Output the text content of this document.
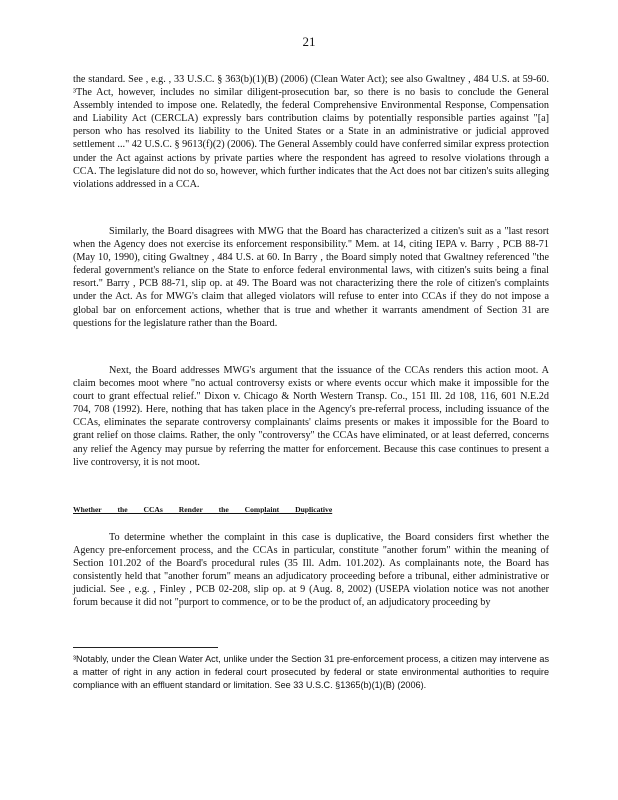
21

the standard. See , e.g. , 33 U.S.C. § 363(b)(1)(B) (2006) (Clean Water Act); see also Gwaltney , 484 U.S. at 59-60. ³The Act, however, includes no similar diligent-prosecution bar, so there is no basis to conclude the General Assembly intended to impose one. Relatedly, the federal Comprehensive Environmental Response, Compensation and Liability Act (CERCLA) expressly bars contribution claims by potentially responsible parties against "[a] person who has resolved its liability to the United States or a State in an administrative or judicial approved settlement ..." 42 U.S.C. § 9613(f)(2) (2006). The General Assembly could have conferred similar express protection under the Act against actions by private parties where the respondent has agreed to resolve violations through a CCA. The legislature did not do so, however, which further indicates that the Act does not bar citizen's suits alleging violations addressed in a CCA.

Similarly, the Board disagrees with MWG that the Board has characterized a citizen's suit as a "last resort when the Agency does not exercise its enforcement responsibility." Mem. at 14, citing IEPA v. Barry , PCB 88-71 (May 10, 1990), citing Gwaltney , 484 U.S. at 60. In Barry , the Board simply noted that Gwaltney referenced "the federal government's reliance on the State to enforce federal environmental laws, with citizen's suits being a final resort." Barry , PCB 88-71, slip op. at 49. The Board was not characterizing there the role of citizen's complaints under the Act. As for MWG's claim that alleged violators will refuse to enter into CCAs if they do not impose a global bar on enforcement actions, whether that is true and whether it warrants amendment of Section 31 are questions for the legislature rather than the Board.

Next, the Board addresses MWG's argument that the issuance of the CCAs renders this action moot. A claim becomes moot where "no actual controversy exists or where events occur which make it impossible for the court to grant effectual relief." Dixon v. Chicago & North Western Transp. Co., 151 Ill. 2d 108, 116, 601 N.E.2d 704, 708 (1992). Here, nothing that has taken place in the Agency's pre-referral process, including issuance of the CCAs, eliminates the separate controversy complainants' claims presents or makes it impossible for the Board to grant relief on those claims. Rather, the only "controversy" the CCAs have eliminated, or at least deferred, concerns any relief the Agency may pursue by referring the matter for enforcement. Because this case continues to present a live controversy, it is not moot.

Whether the CCAs Render the Complaint Duplicative

To determine whether the complaint in this case is duplicative, the Board considers first whether the Agency pre-enforcement process, and the CCAs in particular, constitute "another forum" within the meaning of Section 101.202 of the Board's procedural rules (35 Ill. Adm. 101.202). As complainants note, the Board has consistently held that "another forum" means an adjudicatory proceeding before a tribunal, either administrative or judicial. See , e.g. , Finley , PCB 02-208, slip op. at 9 (Aug. 8, 2002) (USEPA violation notice was not another forum because it did not "purport to commence, or to be the product of, an adjudicatory proceeding by

³Notably, under the Clean Water Act, unlike under the Section 31 pre-enforcement process, a citizen may intervene as a matter of right in any action in federal court prosecuted by federal or state environmental authorities to require compliance with an effluent standard or limitation. See 33 U.S.C. §1365(b)(1)(B) (2006).
